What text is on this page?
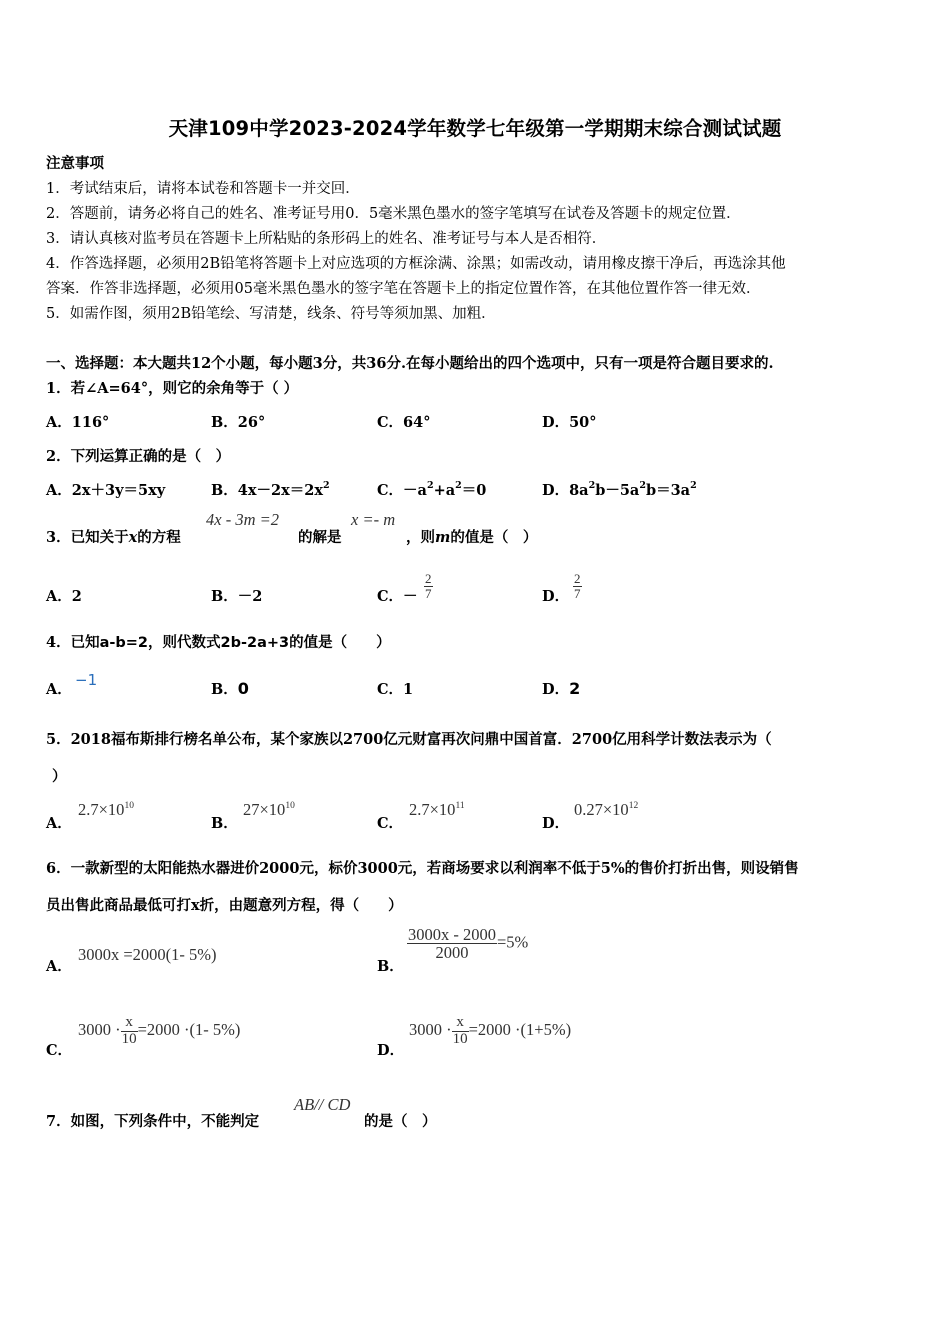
天津109中学2023-2024学年数学七年级第一学期期末综合测试试题
注意事项
1．考试结束后，请将本试卷和答题卡一并交回．
2．答题前，请务必将自己的姓名、准考证号用0．5毫米黑色墨水的签字笔填写在试卷及答题卡的规定位置．
3．请认真核对监考员在答题卡上所粘贴的条形码上的姓名、准考证号与本人是否相符．
4．作答选择题，必须用2B铅笔将答题卡上对应选项的方框涂满、涂黑；如需改动，请用橡皮擦干净后，再选涂其他
答案．作答非选择题，必须用05毫米黑色墨水的签字笔在答题卡上的指定位置作答，在其他位置作答一律无效．
5．如需作图，须用2B铅笔绘、写清楚，线条、符号等须加黑、加粗．
一、选择题：本大题共12个小题，每小题3分，共36分.在每小题给出的四个选项中，只有一项是符合题目要求的.
1．若∠A=64°，则它的余角等于（ ）
A．116°	B．26°	C．64°	D．50°
2．下列运算正确的是（　）
A．2x＋3y＝5xy	B．$4x-2x=2x^2$	C．$-a^2+a^2=0$	D．$8a^2b-5a^2b=3a^2$
3．已知关于x的方程
4x - 3m =2
的解是
x =- m
，则m的值是（　）
A．2	B．－2	C．－ $\frac{2}{7}$	D． $\frac{2}{7}$
4．已知a-b=2，则代数式2b-2a+3的值是（　　）
A．
−1
B．0	C．1	D．2
5．2018福布斯排行榜名单公布，某个家族以2700亿元财富再次问鼎中国首富．2700亿用科学计数法表示为（
）
A．
$2.7\times 10^{10}$
B．
$27\times 10^{10}$
C．
$2.7\times 10^{11}$
D．
$0.27\times 10^{12}$
6．一款新型的太阳能热水器进价2000元，标价3000元，若商场要求以利润率不低于5%的售价打折出售，则设销售
员出售此商品最低可打x折，由题意列方程，得（　　）
A．
3000x =2000(1- 5%)
B．
$\frac{3000x - 2000}{2000} =5\%$
C．
$3000 \cdot \frac{x}{10} =2000 \cdot(1-$ 5%)
D．
$3000 \cdot \frac{x}{10} =2000 \cdot(1+5\%)$
7．如图，下列条件中，不能判定
AB// CD
的是（　）
